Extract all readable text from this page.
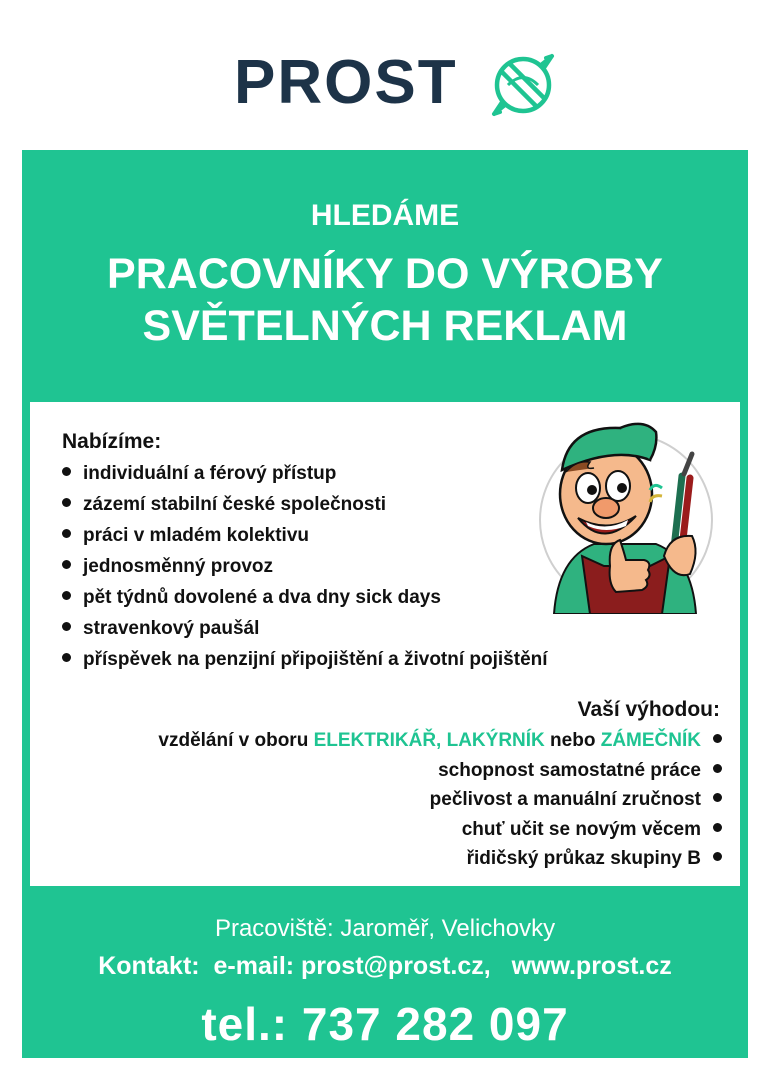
PROST
HLEDÁME
PRACOVNÍKY DO VÝROBY
SVĚTELNÝCH REKLAM
Nabízíme:
individuální a férový přístup
zázemí stabilní české společnosti
práci v mladém kolektivu
jednosměnný provoz
pět týdnů dovolené a dva dny sick days
stravenkový paušál
příspěvek na penzijní připojištění a životní pojištění
Vaší výhodou:
vzdělání v oboru ELEKTRIKÁŘ, LAKÝRNÍK nebo ZÁMEČNÍK
schopnost samostatné práce
pečlivost a manuální zručnost
chuť učit se novým věcem
řidičský průkaz skupiny B
Pracoviště: Jaroměř, Velichovky
Kontakt: e-mail: prost@prost.cz, www.prost.cz
tel.: 737 282 097
